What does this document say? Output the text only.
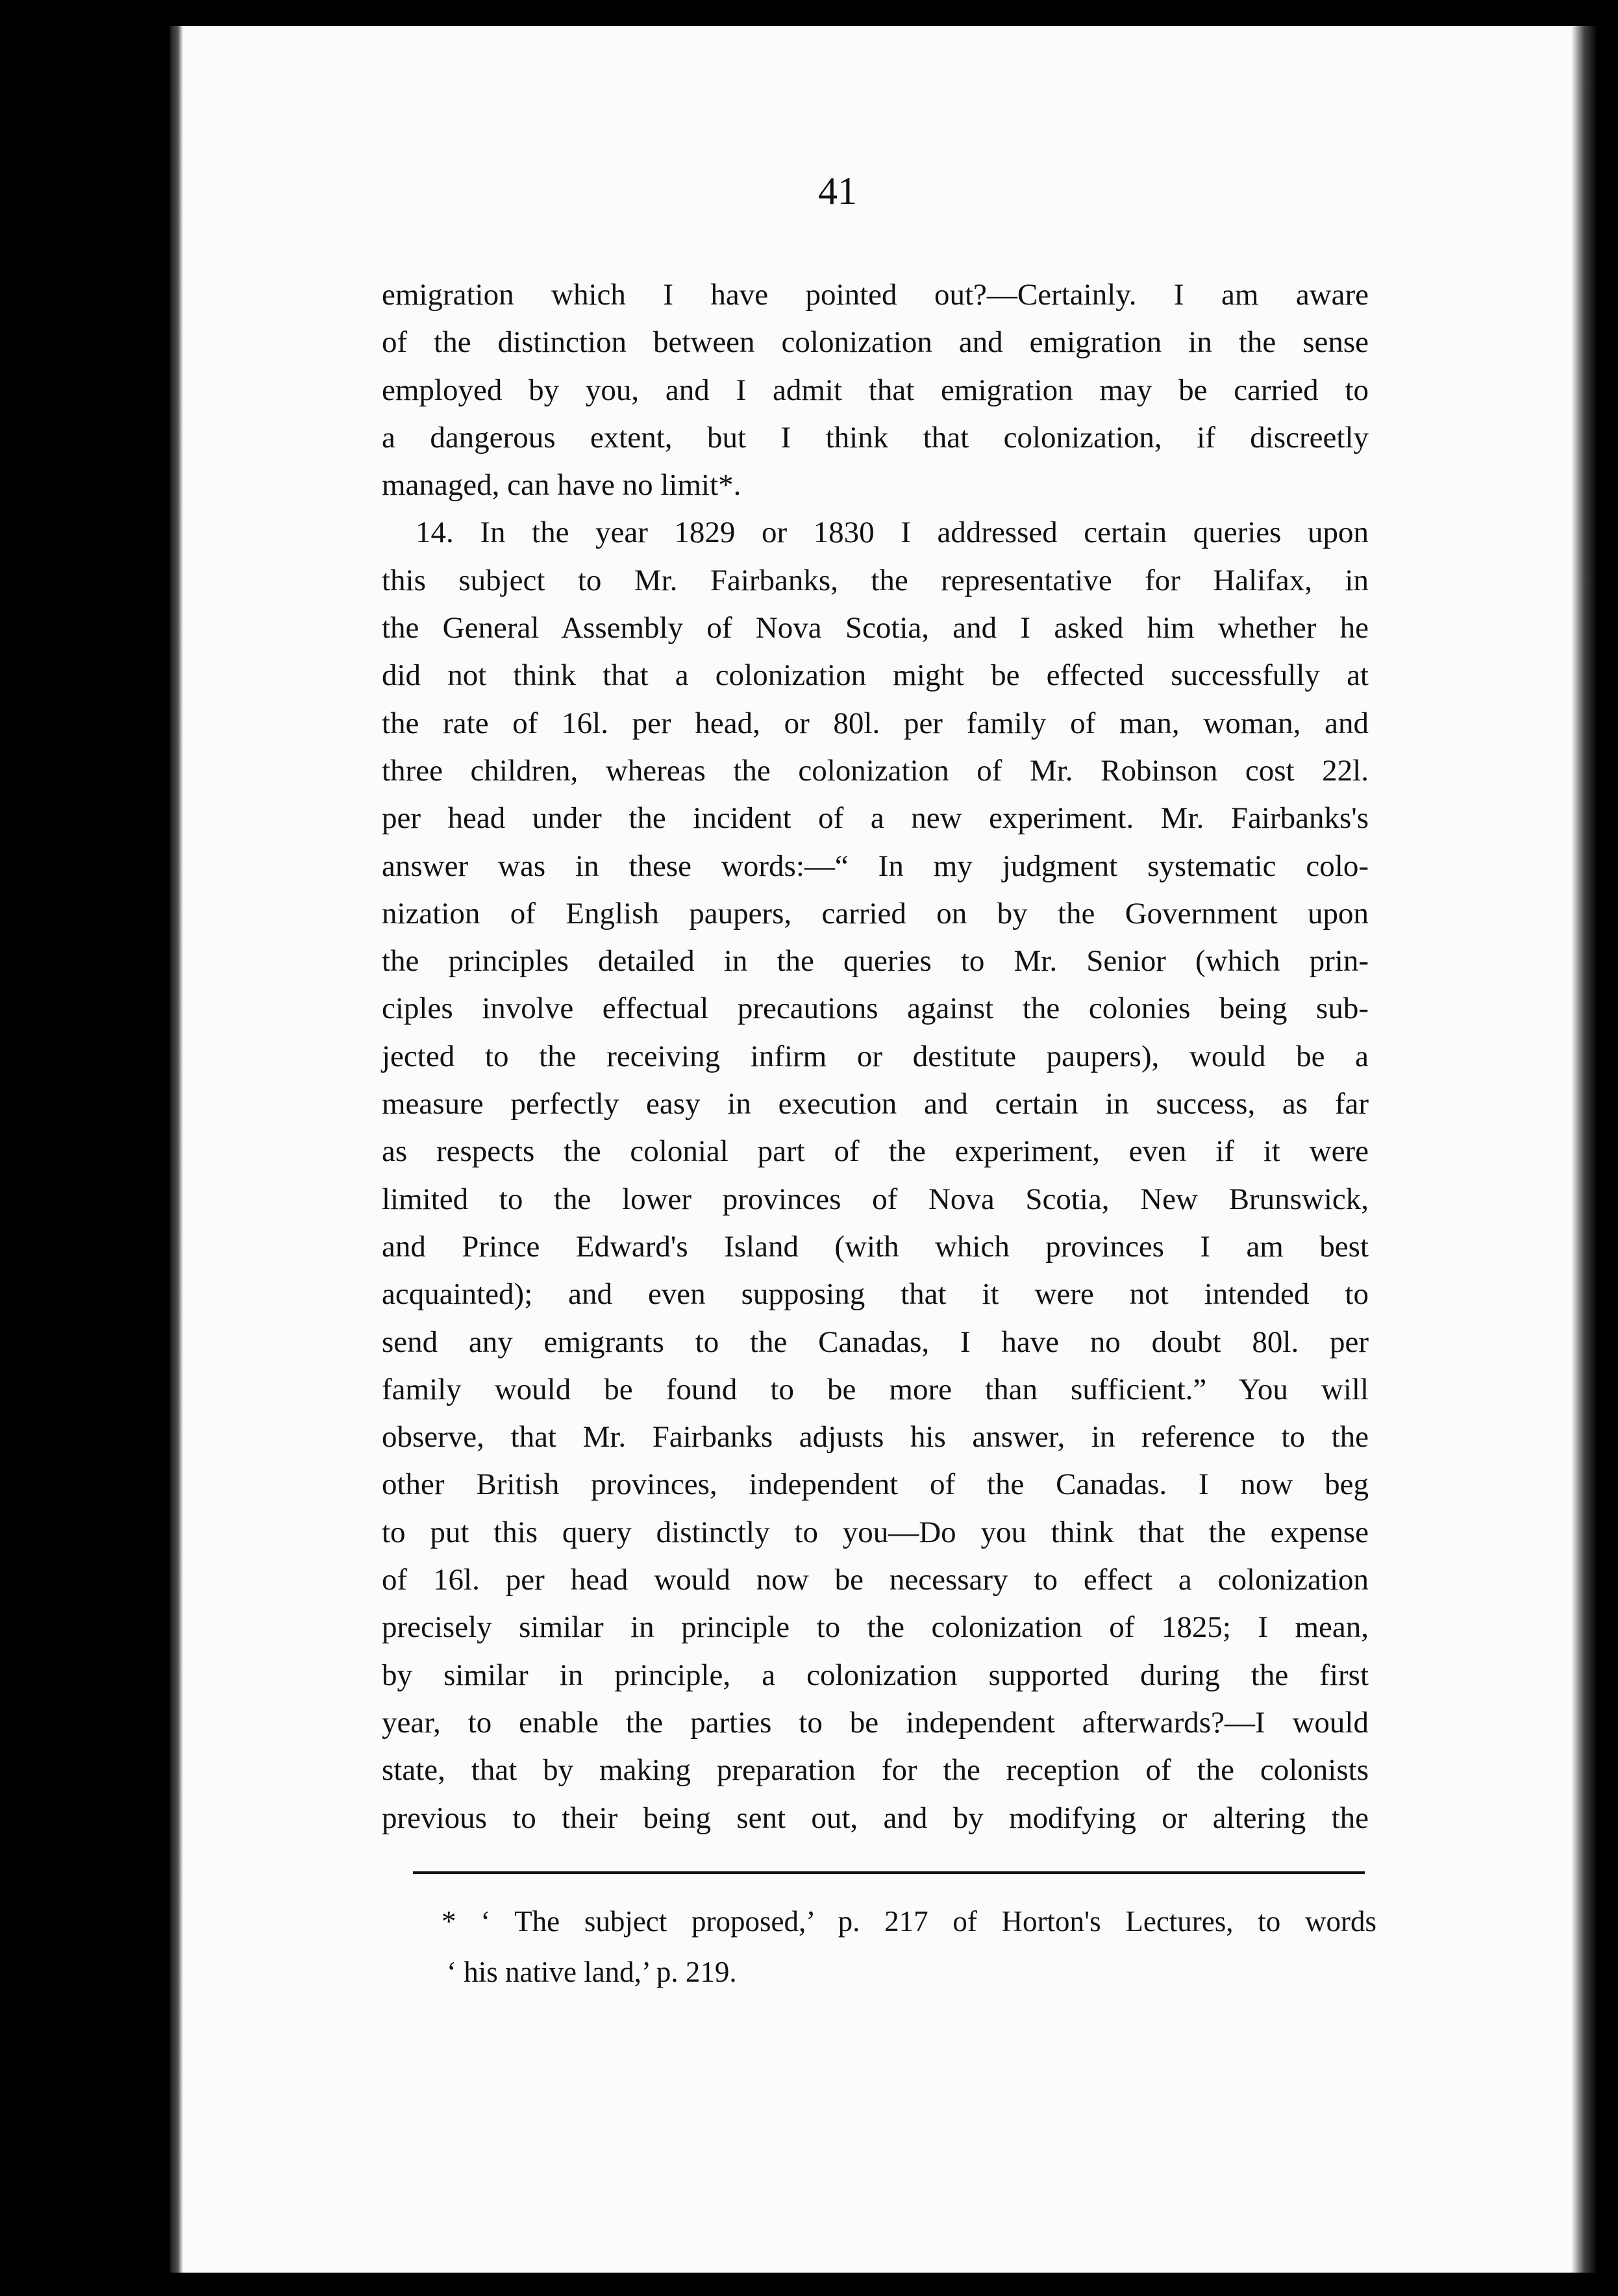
41
emigration which I have pointed out?—Certainly. I am aware
of the distinction between colonization and emigration in the sense
employed by you, and I admit that emigration may be carried to
a dangerous extent, but I think that colonization, if discreetly
managed, can have no limit*.
14. In the year 1829 or 1830 I addressed certain queries upon
this subject to Mr. Fairbanks, the representative for Halifax, in
the General Assembly of Nova Scotia, and I asked him whether he
did not think that a colonization might be effected successfully at
the rate of 16l. per head, or 80l. per family of man, woman, and
three children, whereas the colonization of Mr. Robinson cost 22l.
per head under the incident of a new experiment. Mr. Fairbanks's
answer was in these words:—“ In my judgment systematic colo-
nization of English paupers, carried on by the Government upon
the principles detailed in the queries to Mr. Senior (which prin-
ciples involve effectual precautions against the colonies being sub-
jected to the receiving infirm or destitute paupers), would be a
measure perfectly easy in execution and certain in success, as far
as respects the colonial part of the experiment, even if it were
limited to the lower provinces of Nova Scotia, New Brunswick,
and Prince Edward's Island (with which provinces I am best
acquainted); and even supposing that it were not intended to
send any emigrants to the Canadas, I have no doubt 80l. per
family would be found to be more than sufficient.” You will
observe, that Mr. Fairbanks adjusts his answer, in reference to the
other British provinces, independent of the Canadas. I now beg
to put this query distinctly to you—Do you think that the expense
of 16l. per head would now be necessary to effect a colonization
precisely similar in principle to the colonization of 1825; I mean,
by similar in principle, a colonization supported during the first
year, to enable the parties to be independent afterwards?—I would
state, that by making preparation for the reception of the colonists
previous to their being sent out, and by modifying or altering the
* ‘ The subject proposed,’ p. 217 of Horton's Lectures, to words
‘ his native land,’ p. 219.
